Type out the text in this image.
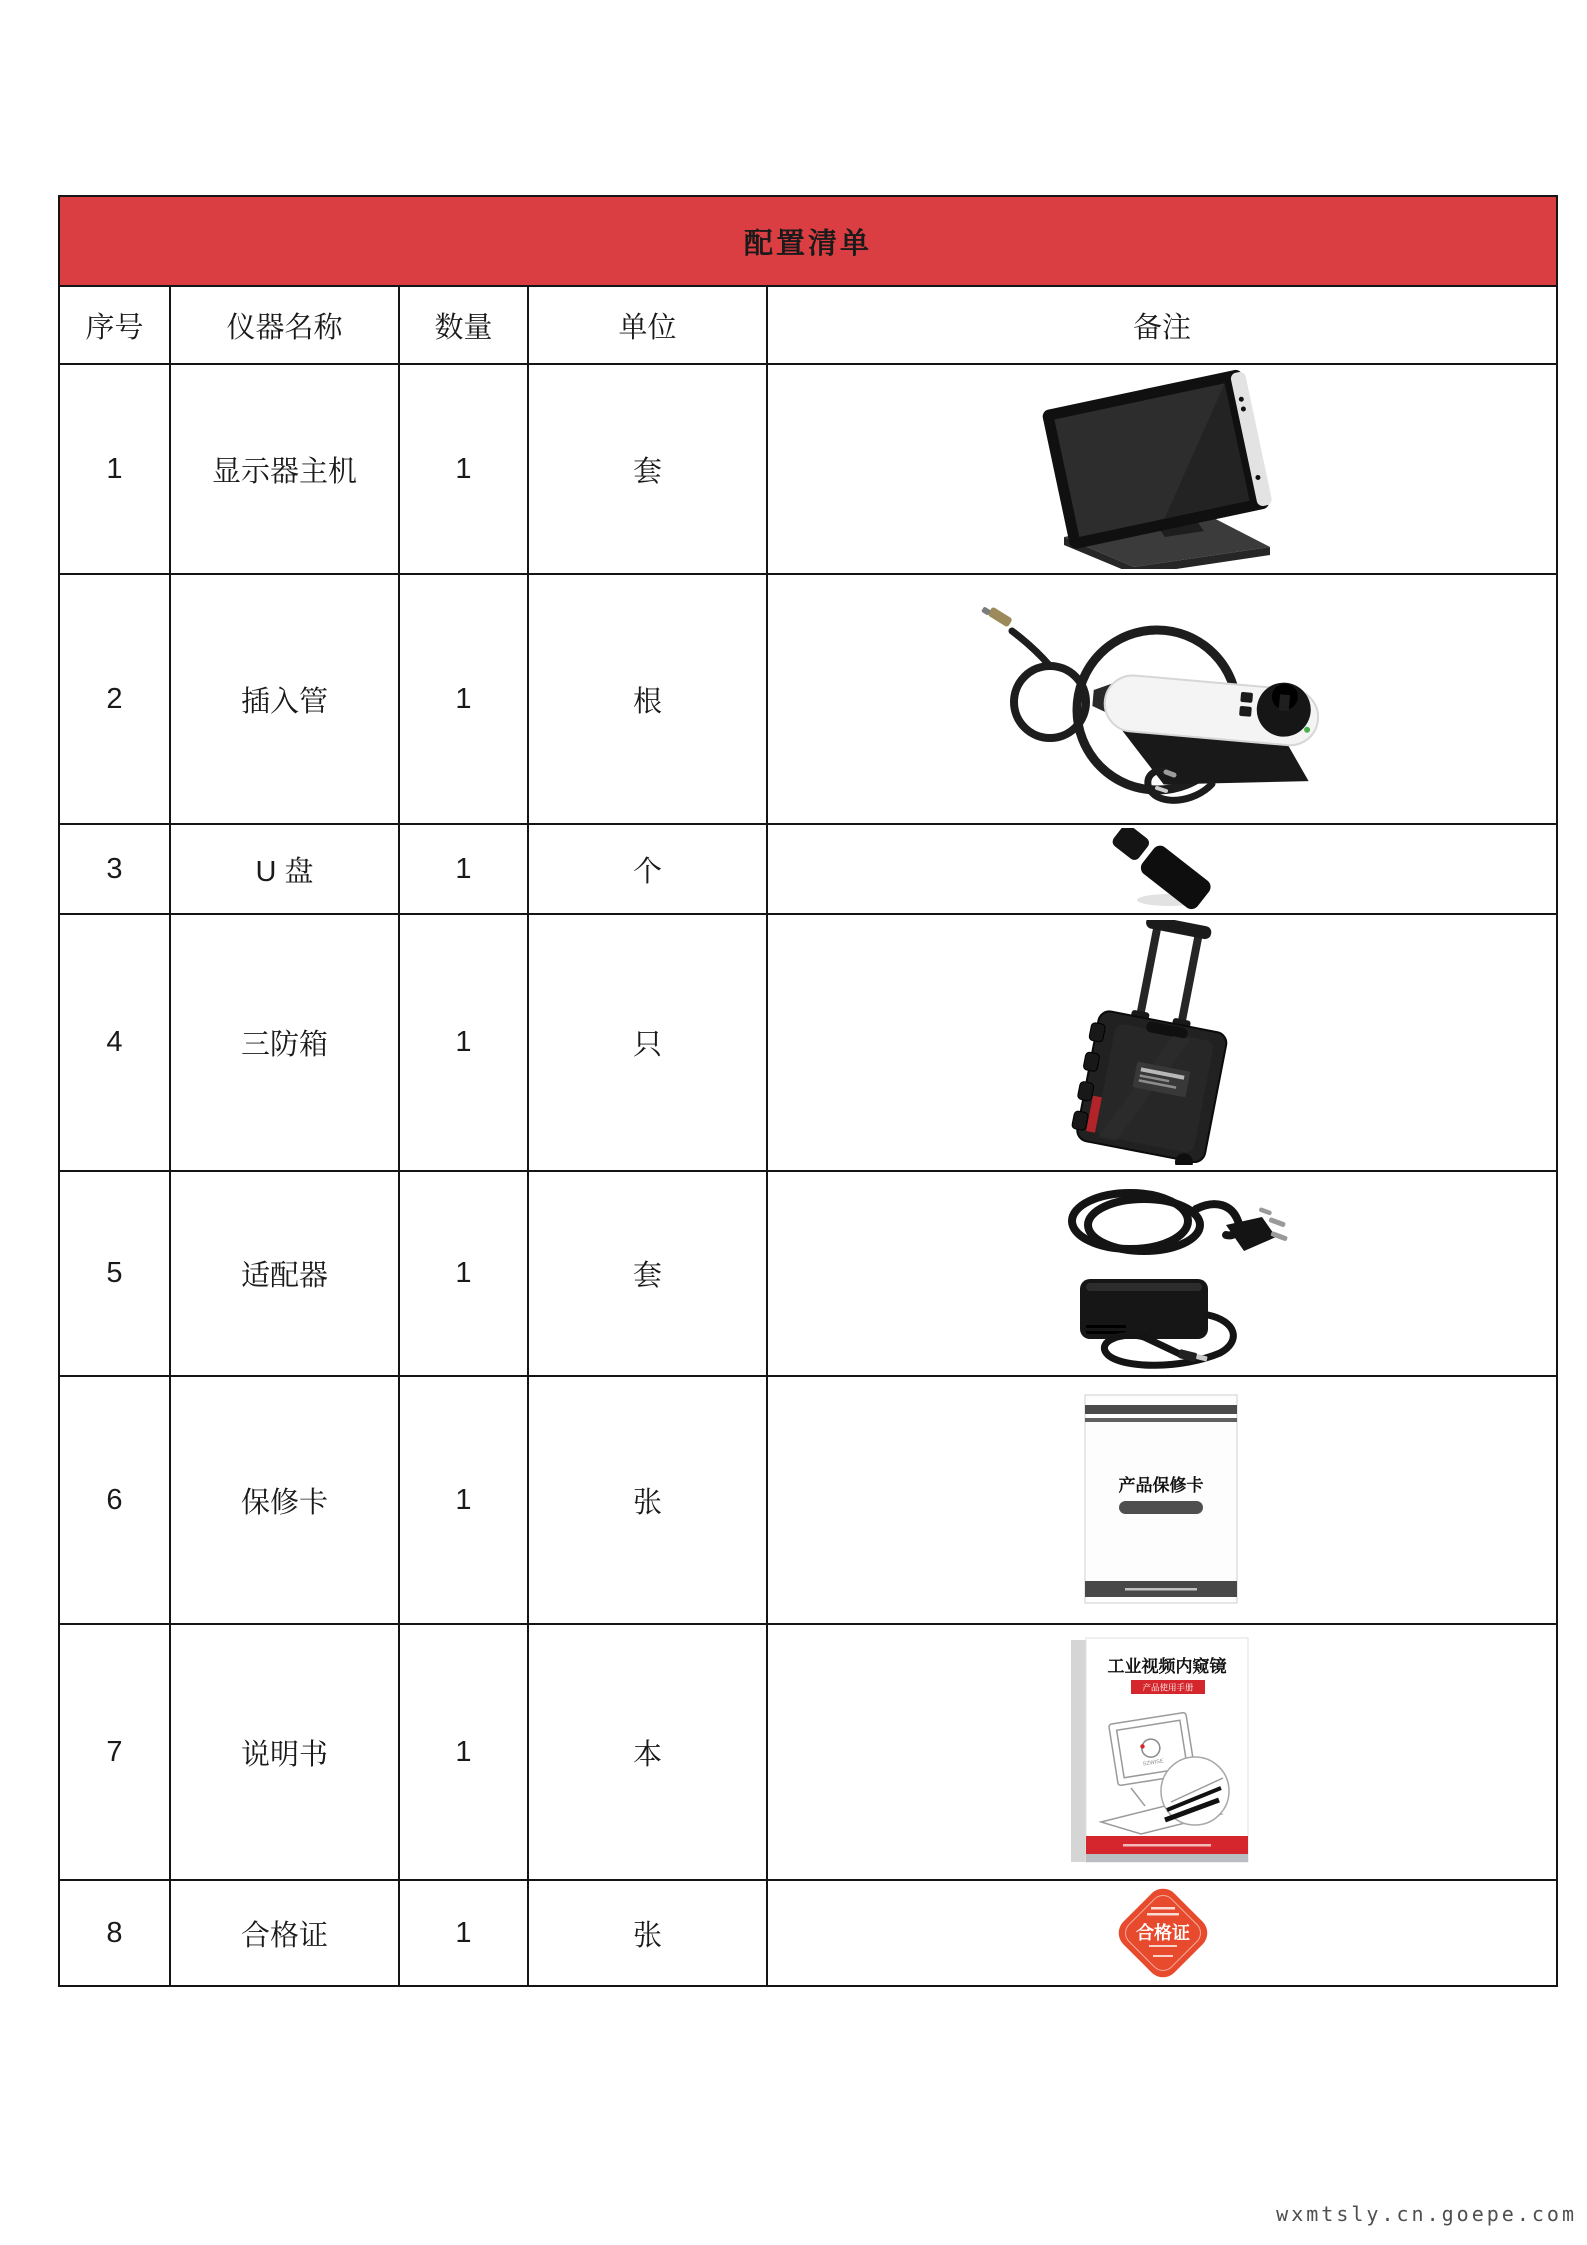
配置清单				
序号	仪器名称	数量	单位	备注
1	显示器主机	1	套	
2	插入管	1	根	
3	U 盘	1	个	
4	三防箱	1	只	
5	适配器	1	套	
6	保修卡	1	张	产品保修卡

7	说明书	1	本	工业视频内窥镜
产品使用手册
SZWISE

8	合格证	1	张	合格证
wxmtsly.cn.goepe.com
